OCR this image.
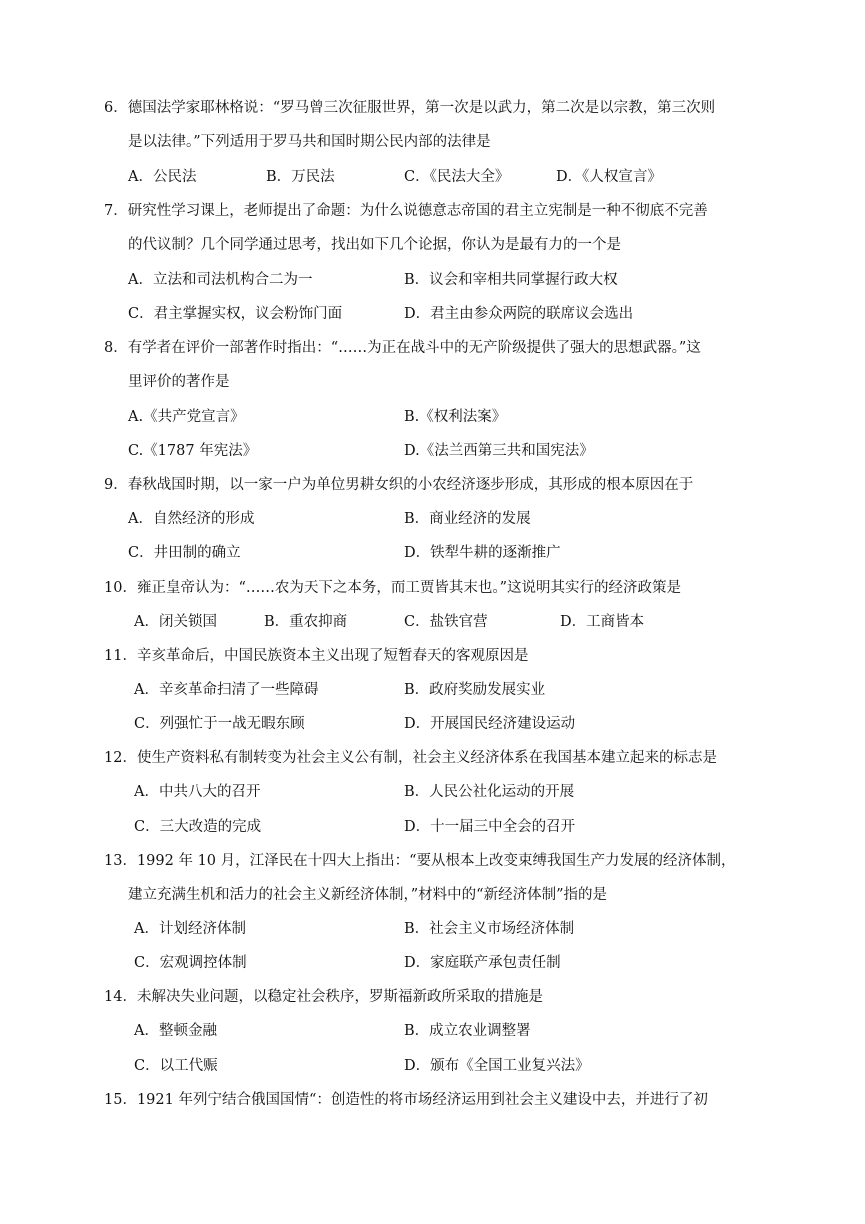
6．德国法学家耶林格说：“罗马曾三次征服世界，第一次是以武力，第二次是以宗教，第三次则
是以法律。”下列适用于罗马共和国时期公民内部的法律是
A．公民法	B．万民法	C．《民法大全》	D．《人权宣言》
7．研究性学习课上，老师提出了命题：为什么说德意志帝国的君主立宪制是一种不彻底不完善
的代议制？几个同学通过思考，找出如下几个论据，你认为是最有力的一个是
A．立法和司法机构合二为一	B．议会和宰相共同掌握行政大权
C．君主掌握实权，议会粉饰门面	D．君主由参众两院的联席议会选出
8．有学者在评价一部著作时指出：“……为正在战斗中的无产阶级提供了强大的思想武器。”这
里评价的著作是
A.《共产党宣言》	B.《权利法案》
C.《1787 年宪法》	D.《法兰西第三共和国宪法》
9．春秋战国时期，以一家一户为单位男耕女织的小农经济逐步形成，其形成的根本原因在于
A．自然经济的形成	B．商业经济的发展
C．井田制的确立	D．铁犁牛耕的逐渐推广
10．雍正皇帝认为：“……农为天下之本务，而工贾皆其末也。”这说明其实行的经济政策是
A．闭关锁国	B．重农抑商	C．盐铁官营	D．工商皆本
11．辛亥革命后，中国民族资本主义出现了短暂春天的客观原因是
A．辛亥革命扫清了一些障碍	B．政府奖励发展实业
C．列强忙于一战无暇东顾	D．开展国民经济建设运动
12．使生产资料私有制转变为社会主义公有制，社会主义经济体系在我国基本建立起来的标志是
A．中共八大的召开	B．人民公社化运动的开展
C．三大改造的完成	D．十一届三中全会的召开
13．1992 年 10 月，江泽民在十四大上指出：“要从根本上改变束缚我国生产力发展的经济体制，
建立充满生机和活力的社会主义新经济体制，”材料中的“新经济体制”指的是
A．计划经济体制	B．社会主义市场经济体制
C．宏观调控体制	D．家庭联产承包责任制
14．未解决失业问题，以稳定社会秩序，罗斯福新政所采取的措施是
A．整顿金融	B．成立农业调整署
C．以工代赈	D．颁布《全国工业复兴法》
15．1921 年列宁结合俄国国情“：创造性的将市场经济运用到社会主义建设中去，并进行了初
